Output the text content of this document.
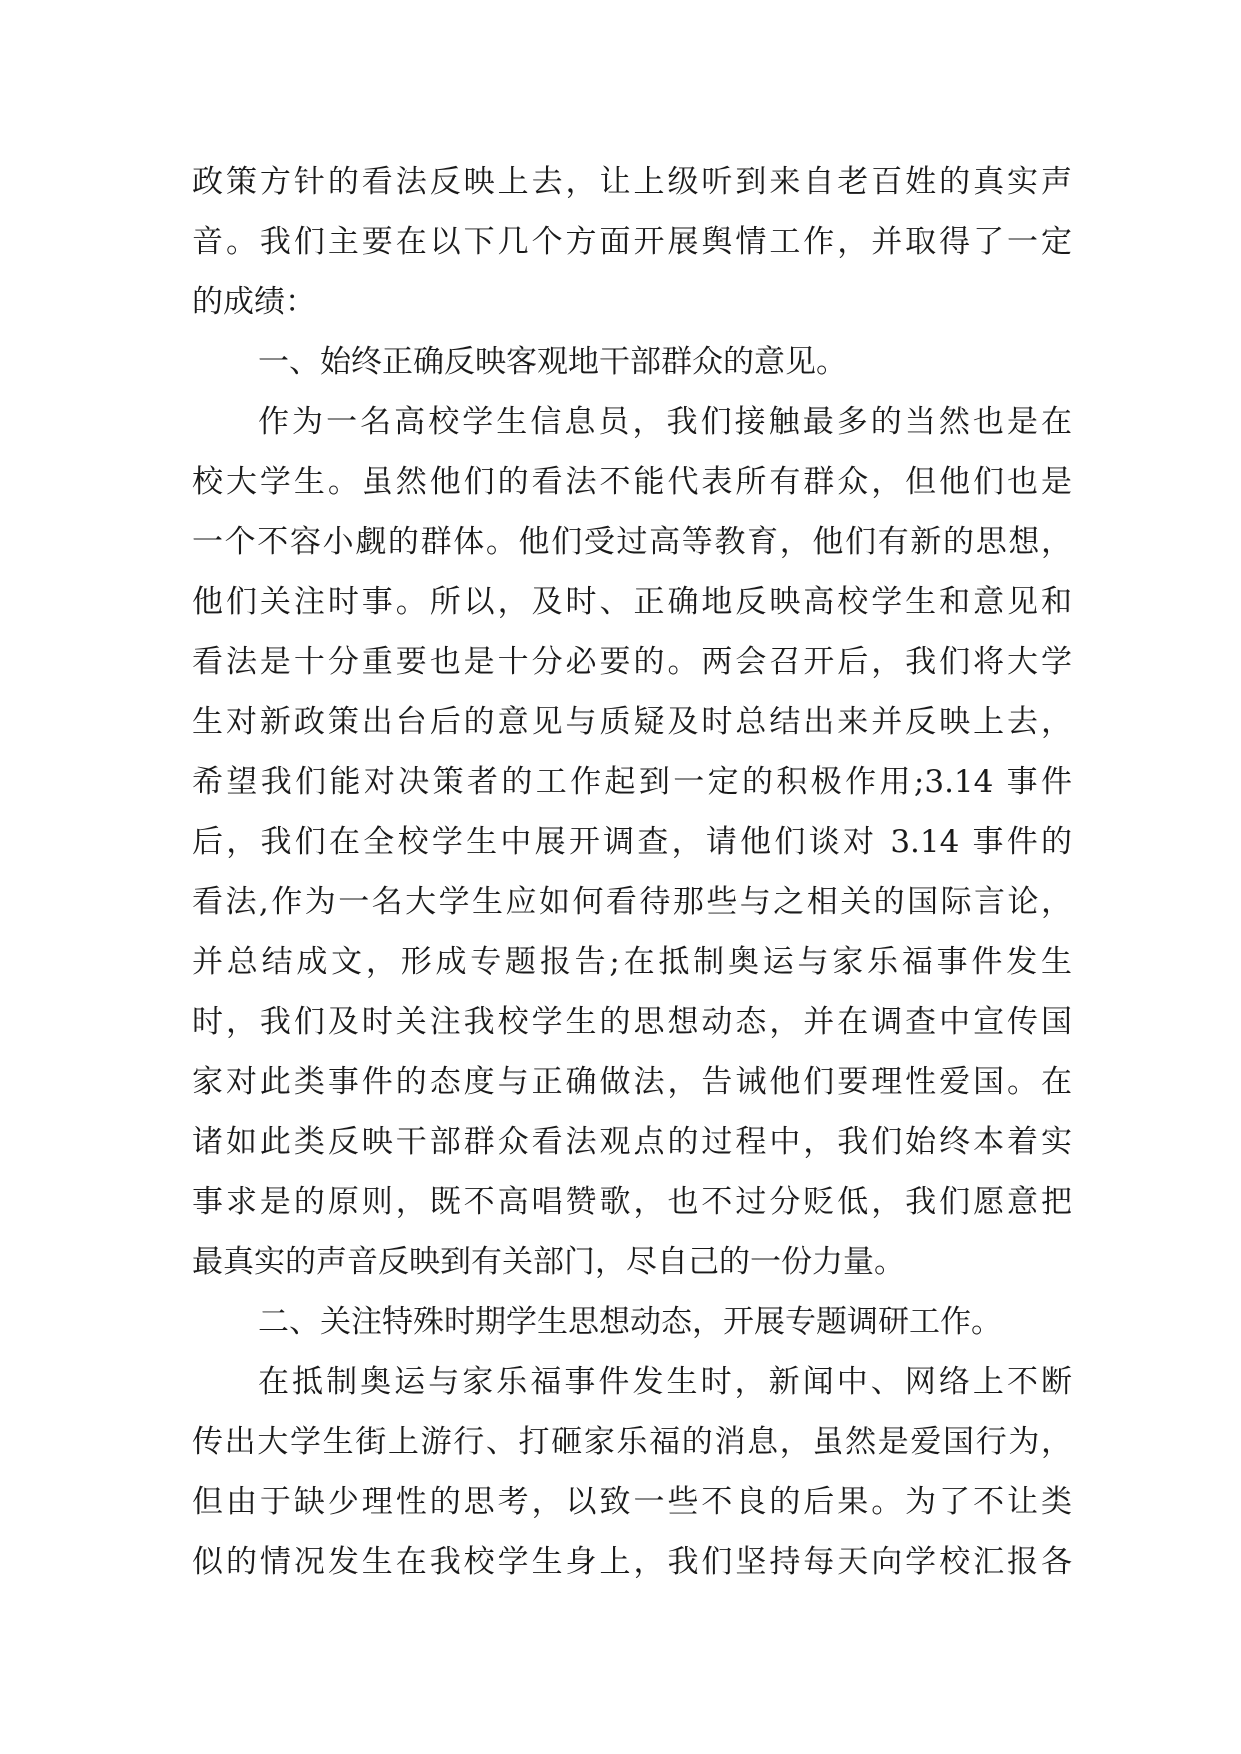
政策方针的看法反映上去，让上级听到来自老百姓的真实声
音。我们主要在以下几个方面开展舆情工作，并取得了一定
的成绩：
一、始终正确反映客观地干部群众的意见。
作为一名高校学生信息员，我们接触最多的当然也是在
校大学生。虽然他们的看法不能代表所有群众，但他们也是
一个不容小觑的群体。他们受过高等教育，他们有新的思想，
他们关注时事。所以，及时、正确地反映高校学生和意见和
看法是十分重要也是十分必要的。两会召开后，我们将大学
生对新政策出台后的意见与质疑及时总结出来并反映上去，
希望我们能对决策者的工作起到一定的积极作用;3.14 事件
后，我们在全校学生中展开调查，请他们谈对 3.14 事件的
看法,作为一名大学生应如何看待那些与之相关的国际言论，
并总结成文，形成专题报告;在抵制奥运与家乐福事件发生
时，我们及时关注我校学生的思想动态，并在调查中宣传国
家对此类事件的态度与正确做法，告诫他们要理性爱国。在
诸如此类反映干部群众看法观点的过程中，我们始终本着实
事求是的原则，既不高唱赞歌，也不过分贬低，我们愿意把
最真实的声音反映到有关部门，尽自己的一份力量。
二、关注特殊时期学生思想动态，开展专题调研工作。
在抵制奥运与家乐福事件发生时，新闻中、网络上不断
传出大学生街上游行、打砸家乐福的消息，虽然是爱国行为，
但由于缺少理性的思考，以致一些不良的后果。为了不让类
似的情况发生在我校学生身上，我们坚持每天向学校汇报各
